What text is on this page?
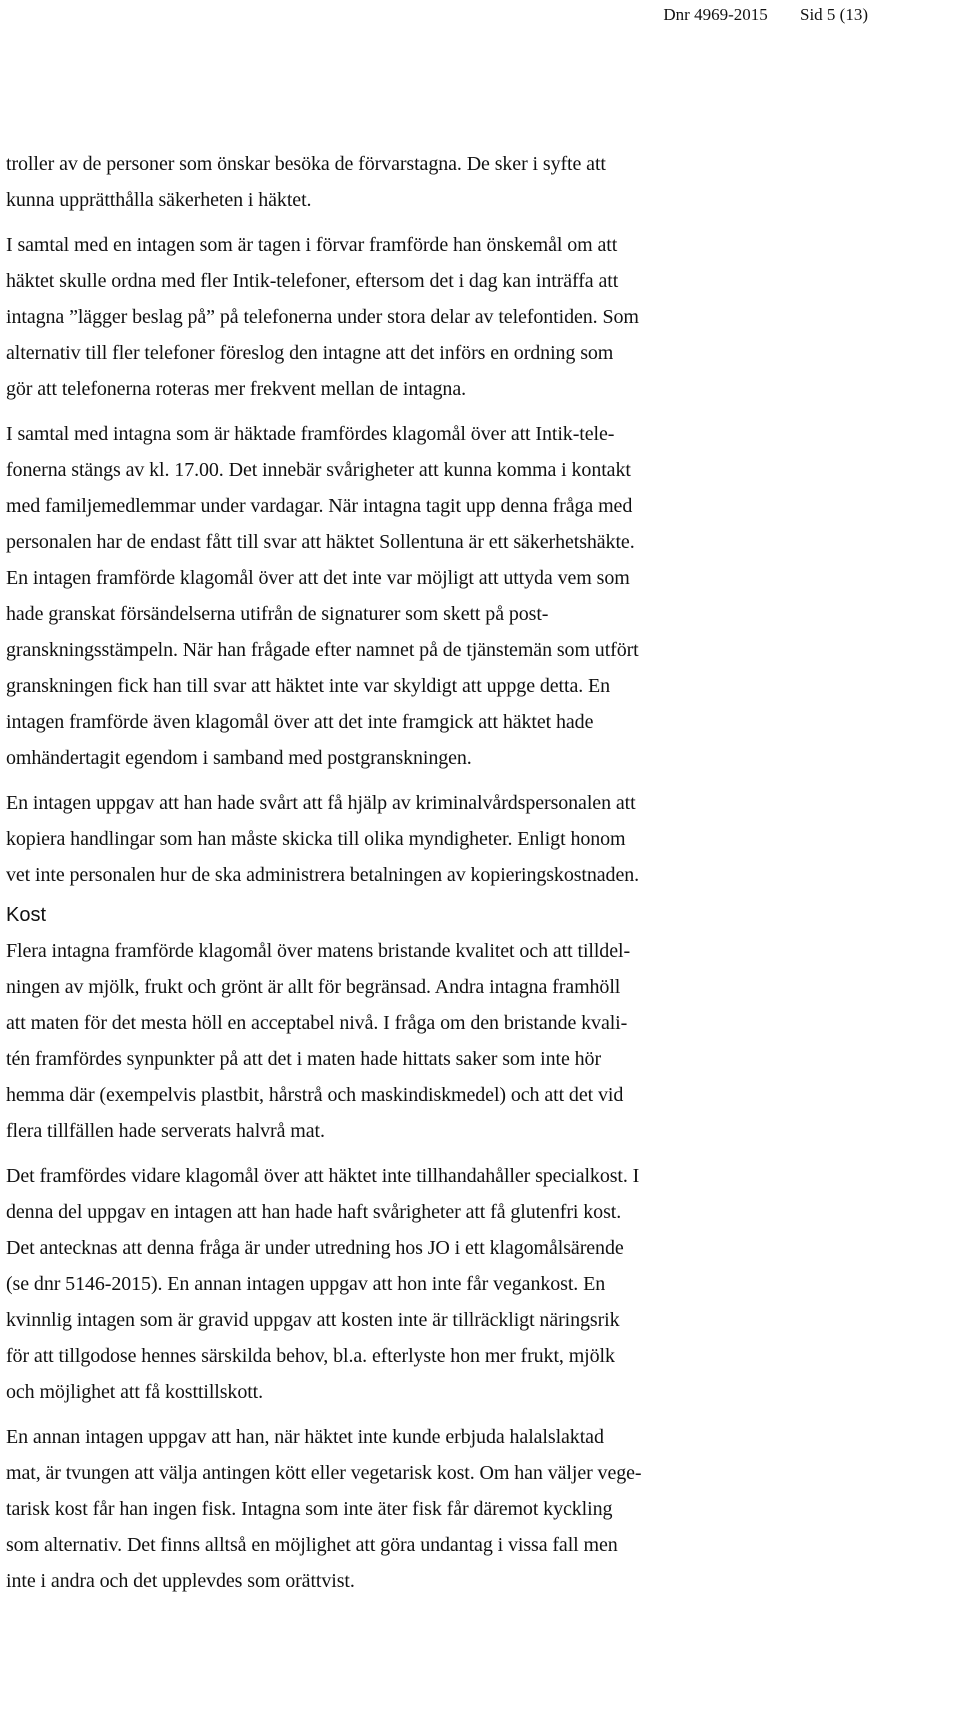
Dnr 4969-2015 Sid 5 (13)

troller av de personer som önskar besöka de förvarstagna. De sker i syfte att
kunna upprätthålla säkerheten i häktet.

I samtal med en intagen som är tagen i förvar framförde han önskemål om att
häktet skulle ordna med fler Intik-telefoner, eftersom det i dag kan inträffa att
intagna ”lägger beslag på” på telefonerna under stora delar av telefontiden. Som
alternativ till fler telefoner föreslog den intagne att det införs en ordning som
gör att telefonerna roteras mer frekvent mellan de intagna.

I samtal med intagna som är häktade framfördes klagomål över att Intik-tele-
fonerna stängs av kl. 17.00. Det innebär svårigheter att kunna komma i kontakt
med familjemedlemmar under vardagar. När intagna tagit upp denna fråga med
personalen har de endast fått till svar att häktet Sollentuna är ett säkerhetshäkte.
En intagen framförde klagomål över att det inte var möjligt att uttyda vem som
hade granskat försändelserna utifrån de signaturer som skett på post-
granskningsstämpeln. När han frågade efter namnet på de tjänstemän som utfört
granskningen fick han till svar att häktet inte var skyldigt att uppge detta. En
intagen framförde även klagomål över att det inte framgick att häktet hade
omhändertagit egendom i samband med postgranskningen.

En intagen uppgav att han hade svårt att få hjälp av kriminalvårdspersonalen att
kopiera handlingar som han måste skicka till olika myndigheter. Enligt honom
vet inte personalen hur de ska administrera betalningen av kopieringskostnaden.

Kost

Flera intagna framförde klagomål över matens bristande kvalitet och att tilldel-
ningen av mjölk, frukt och grönt är allt för begränsad. Andra intagna framhöll
att maten för det mesta höll en acceptabel nivå. I fråga om den bristande kvali-
tén framfördes synpunkter på att det i maten hade hittats saker som inte hör
hemma där (exempelvis plastbit, hårstrå och maskindiskmedel) och att det vid
flera tillfällen hade serverats halvrå mat.

Det framfördes vidare klagomål över att häktet inte tillhandahåller specialkost. I
denna del uppgav en intagen att han hade haft svårigheter att få glutenfri kost.
Det antecknas att denna fråga är under utredning hos JO i ett klagomålsärende
(se dnr 5146-2015). En annan intagen uppgav att hon inte får vegankost. En
kvinnlig intagen som är gravid uppgav att kosten inte är tillräckligt näringsrik
för att tillgodose hennes särskilda behov, bl.a. efterlyste hon mer frukt, mjölk
och möjlighet att få kosttillskott.

En annan intagen uppgav att han, när häktet inte kunde erbjuda halalslaktad
mat, är tvungen att välja antingen kött eller vegetarisk kost. Om han väljer vege-
tarisk kost får han ingen fisk. Intagna som inte äter fisk får däremot kyckling
som alternativ. Det finns alltså en möjlighet att göra undantag i vissa fall men
inte i andra och det upplevdes som orättvist.
